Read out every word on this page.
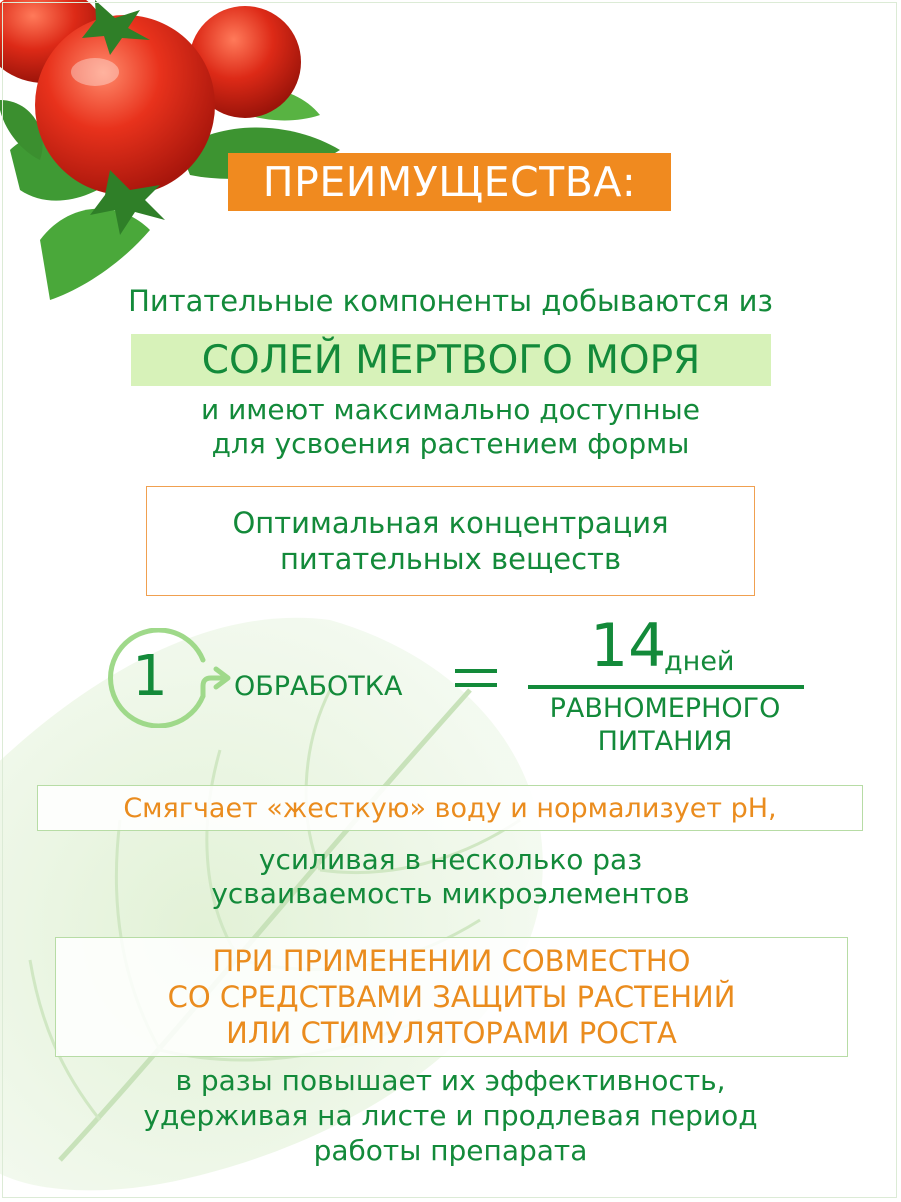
ПРЕИМУЩЕСТВА:
Питательные компоненты добываются из
СОЛЕЙ МЕРТВОГО МОРЯ
и имеют максимально доступные
для усвоения растением формы
Оптимальная концентрация
питательных веществ
1	ОБРАБОТКА
14
дней
РАВНОМЕРНОГО
ПИТАНИЯ
Смягчает «жесткую» воду и нормализует pH,
усиливая в несколько раз
усваиваемость микроэлементов
ПРИ ПРИМЕНЕНИИ СОВМЕСТНО
СО СРЕДСТВАМИ ЗАЩИТЫ РАСТЕНИЙ
ИЛИ СТИМУЛЯТОРАМИ РОСТА
в разы повышает их эффективность,
удерживая на листе и продлевая период
работы препарата
